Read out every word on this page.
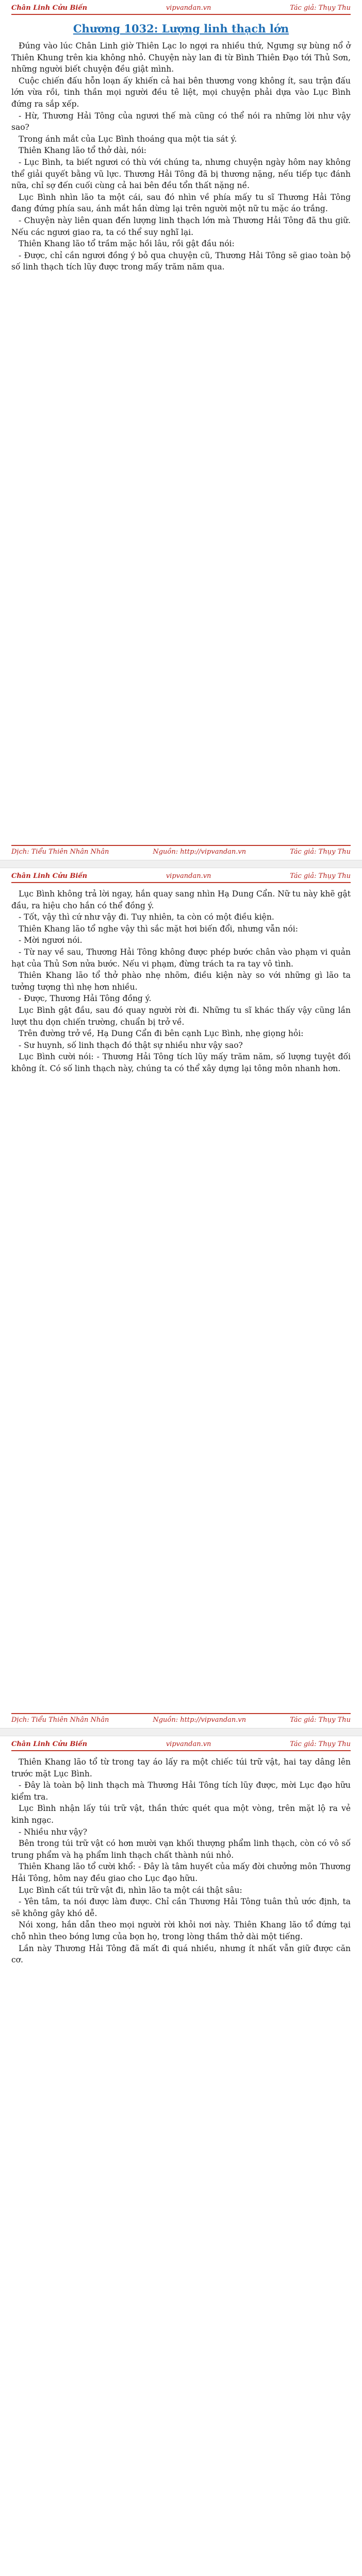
Chân Linh Cửu Biến	vipvandan.vn	Tác giả: Thụy Thu
Chương 1032: Lượng linh thạch lớn

Đúng vào lúc Chân Linh giờ Thiên Lạc lo ngợi ra nhiều thứ, Ngưng sự bùng nổ ở Thiên Khung trên kia không nhỏ. Chuyện này lan đi từ Bình Thiên Đạo tới Thủ Sơn, những người biết chuyện đều giật mình.

Cuộc chiến đấu hỗn loạn ấy khiến cả hai bên thương vong không ít, sau trận đấu lớn vừa rồi, tinh thần mọi người đều tê liệt, mọi chuyện phải dựa vào Lục Bình đứng ra sắp xếp.

- Hừ, Thương Hải Tông của ngươi thế mà cũng có thể nói ra những lời như vậy sao?

Trong ánh mắt của Lục Bình thoáng qua một tia sát ý.

Thiên Khang lão tổ thở dài, nói:

- Lục Bình, ta biết ngươi có thù với chúng ta, nhưng chuyện ngày hôm nay không thể giải quyết bằng vũ lực. Thương Hải Tông đã bị thương nặng, nếu tiếp tục đánh nữa, chỉ sợ đến cuối cùng cả hai bên đều tổn thất nặng nề.

Lục Bình nhìn lão ta một cái, sau đó nhìn về phía mấy tu sĩ Thương Hải Tông đang đứng phía sau, ánh mắt hắn dừng lại trên người một nữ tu mặc áo trắng.

- Chuyện này liên quan đến lượng linh thạch lớn mà Thương Hải Tông đã thu giữ. Nếu các ngươi giao ra, ta có thể suy nghĩ lại.

Thiên Khang lão tổ trầm mặc hồi lâu, rồi gật đầu nói:

- Được, chỉ cần ngươi đồng ý bỏ qua chuyện cũ, Thương Hải Tông sẽ giao toàn bộ số linh thạch tích lũy được trong mấy trăm năm qua.

Dịch: Tiểu Thiên Nhân Nhân	Nguồn: http://vipvandan.vn	Tác giả: Thụy Thu
Chân Linh Cửu Biến	vipvandan.vn	Tác giả: Thụy Thu

Lục Bình không trả lời ngay, hắn quay sang nhìn Hạ Dung Cẩn. Nữ tu này khẽ gật đầu, ra hiệu cho hắn có thể đồng ý.

- Tốt, vậy thì cứ như vậy đi. Tuy nhiên, ta còn có một điều kiện.

Thiên Khang lão tổ nghe vậy thì sắc mặt hơi biến đổi, nhưng vẫn nói:

- Mời ngươi nói.

- Từ nay về sau, Thương Hải Tông không được phép bước chân vào phạm vi quản hạt của Thủ Sơn nửa bước. Nếu vi phạm, đừng trách ta ra tay vô tình.

Thiên Khang lão tổ thở phào nhẹ nhõm, điều kiện này so với những gì lão ta tưởng tượng thì nhẹ hơn nhiều.

- Được, Thương Hải Tông đồng ý.

Lục Bình gật đầu, sau đó quay người rời đi. Những tu sĩ khác thấy vậy cũng lần lượt thu dọn chiến trường, chuẩn bị trở về.

Trên đường trở về, Hạ Dung Cẩn đi bên cạnh Lục Bình, nhẹ giọng hỏi:

- Sư huynh, số linh thạch đó thật sự nhiều như vậy sao?

Lục Bình cười nói: - Thương Hải Tông tích lũy mấy trăm năm, số lượng tuyệt đối không ít. Có số linh thạch này, chúng ta có thể xây dựng lại tông môn nhanh hơn.

Dịch: Tiểu Thiên Nhân Nhân	Nguồn: http://vipvandan.vn	Tác giả: Thụy Thu
Chân Linh Cửu Biến	vipvandan.vn	Tác giả: Thụy Thu

Thiên Khang lão tổ từ trong tay áo lấy ra một chiếc túi trữ vật, hai tay dâng lên trước mặt Lục Bình.

- Đây là toàn bộ linh thạch mà Thương Hải Tông tích lũy được, mời Lục đạo hữu kiểm tra.

Lục Bình nhận lấy túi trữ vật, thần thức quét qua một vòng, trên mặt lộ ra vẻ kinh ngạc.

- Nhiều như vậy?

Bên trong túi trữ vật có hơn mười vạn khối thượng phẩm linh thạch, còn có vô số trung phẩm và hạ phẩm linh thạch chất thành núi nhỏ.

Thiên Khang lão tổ cười khổ: - Đây là tâm huyết của mấy đời chưởng môn Thương Hải Tông, hôm nay đều giao cho Lục đạo hữu.

Lục Bình cất túi trữ vật đi, nhìn lão ta một cái thật sâu:

- Yên tâm, ta nói được làm được. Chỉ cần Thương Hải Tông tuân thủ ước định, ta sẽ không gây khó dễ.

Nói xong, hắn dẫn theo mọi người rời khỏi nơi này. Thiên Khang lão tổ đứng tại chỗ nhìn theo bóng lưng của bọn họ, trong lòng thầm thở dài một tiếng.

Lần này Thương Hải Tông đã mất đi quá nhiều, nhưng ít nhất vẫn giữ được căn cơ.
